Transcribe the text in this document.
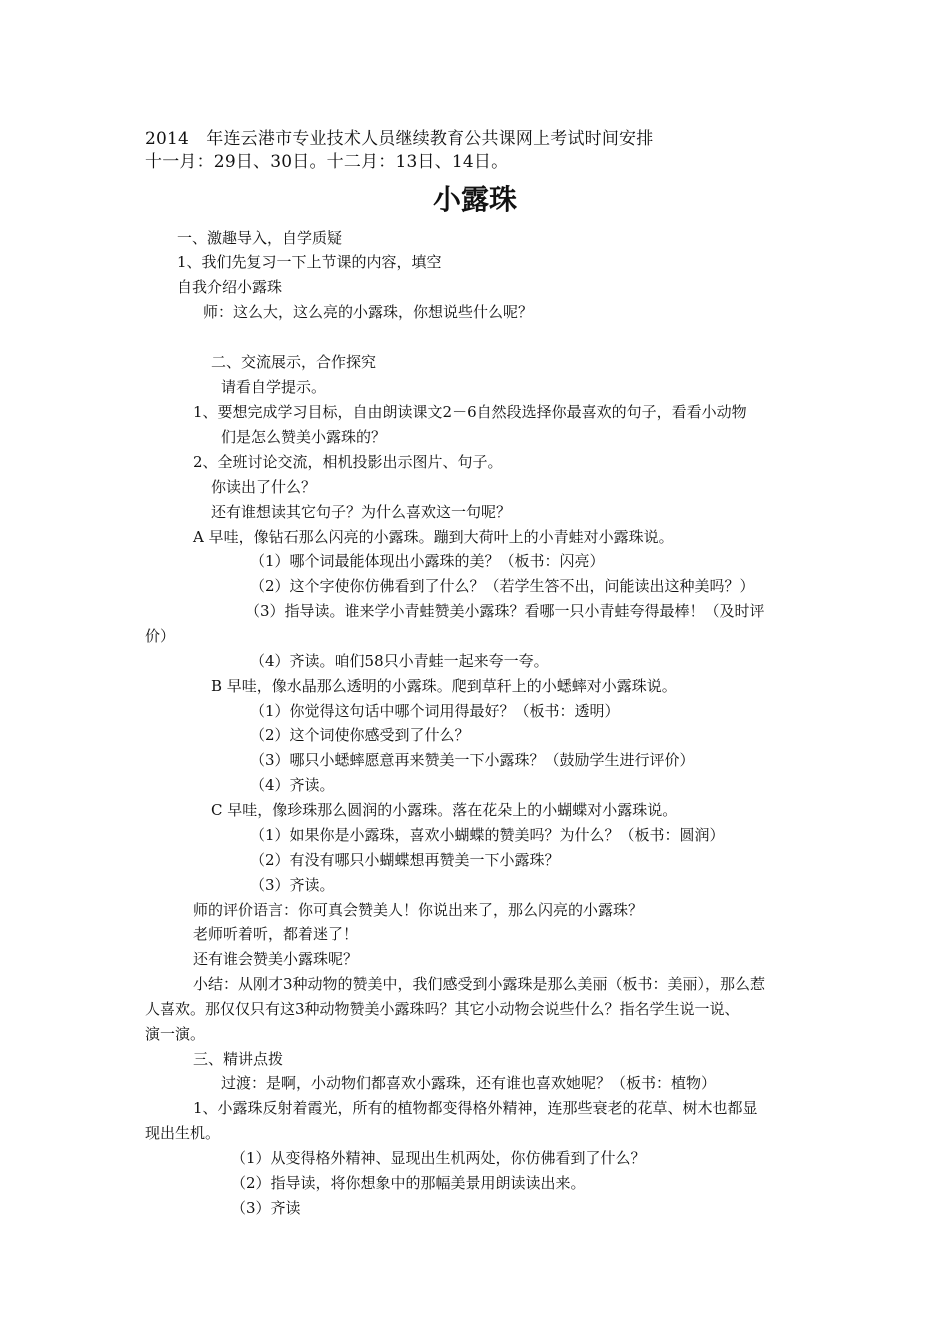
2014　年连云港市专业技术人员继续教育公共课网上考试时间安排
十一月：29日、30日。十二月：13日、14日。
小露珠
一、激趣导入，自学质疑
1、我们先复习一下上节课的内容，填空
自我介绍小露珠
师：这么大，这么亮的小露珠，你想说些什么呢？
二、交流展示，合作探究
请看自学提示。
1、要想完成学习目标，自由朗读课文2－6自然段选择你最喜欢的句子，看看小动物
们是怎么赞美小露珠的？
2、全班讨论交流，相机投影出示图片、句子。
你读出了什么？
还有谁想读其它句子？为什么喜欢这一句呢？
A 早哇，像钻石那么闪亮的小露珠。蹦到大荷叶上的小青蛙对小露珠说。
（1）哪个词最能体现出小露珠的美？（板书：闪亮）
（2）这个字使你仿佛看到了什么？（若学生答不出，问能读出这种美吗？）
（3）指导读。谁来学小青蛙赞美小露珠？看哪一只小青蛙夸得最棒！（及时评
价）
（4）齐读。咱们58只小青蛙一起来夸一夸。
B 早哇，像水晶那么透明的小露珠。爬到草秆上的小蟋蟀对小露珠说。
（1）你觉得这句话中哪个词用得最好？（板书：透明）
（2）这个词使你感受到了什么？
（3）哪只小蟋蟀愿意再来赞美一下小露珠？（鼓励学生进行评价）
（4）齐读。
C 早哇，像珍珠那么圆润的小露珠。落在花朵上的小蝴蝶对小露珠说。
（1）如果你是小露珠，喜欢小蝴蝶的赞美吗？为什么？（板书：圆润）
（2）有没有哪只小蝴蝶想再赞美一下小露珠？
（3）齐读。
师的评价语言：你可真会赞美人！你说出来了，那么闪亮的小露珠？
老师听着听，都着迷了！
还有谁会赞美小露珠呢？
小结：从刚才3种动物的赞美中，我们感受到小露珠是那么美丽（板书：美丽），那么惹
人喜欢。那仅仅只有这3种动物赞美小露珠吗？其它小动物会说些什么？指名学生说一说、
演一演。
三、精讲点拨
过渡：是啊，小动物们都喜欢小露珠，还有谁也喜欢她呢？（板书：植物）
1、小露珠反射着霞光，所有的植物都变得格外精神，连那些衰老的花草、树木也都显
现出生机。
（1）从变得格外精神、显现出生机两处，你仿佛看到了什么？
（2）指导读，将你想象中的那幅美景用朗读读出来。
（3）齐读
